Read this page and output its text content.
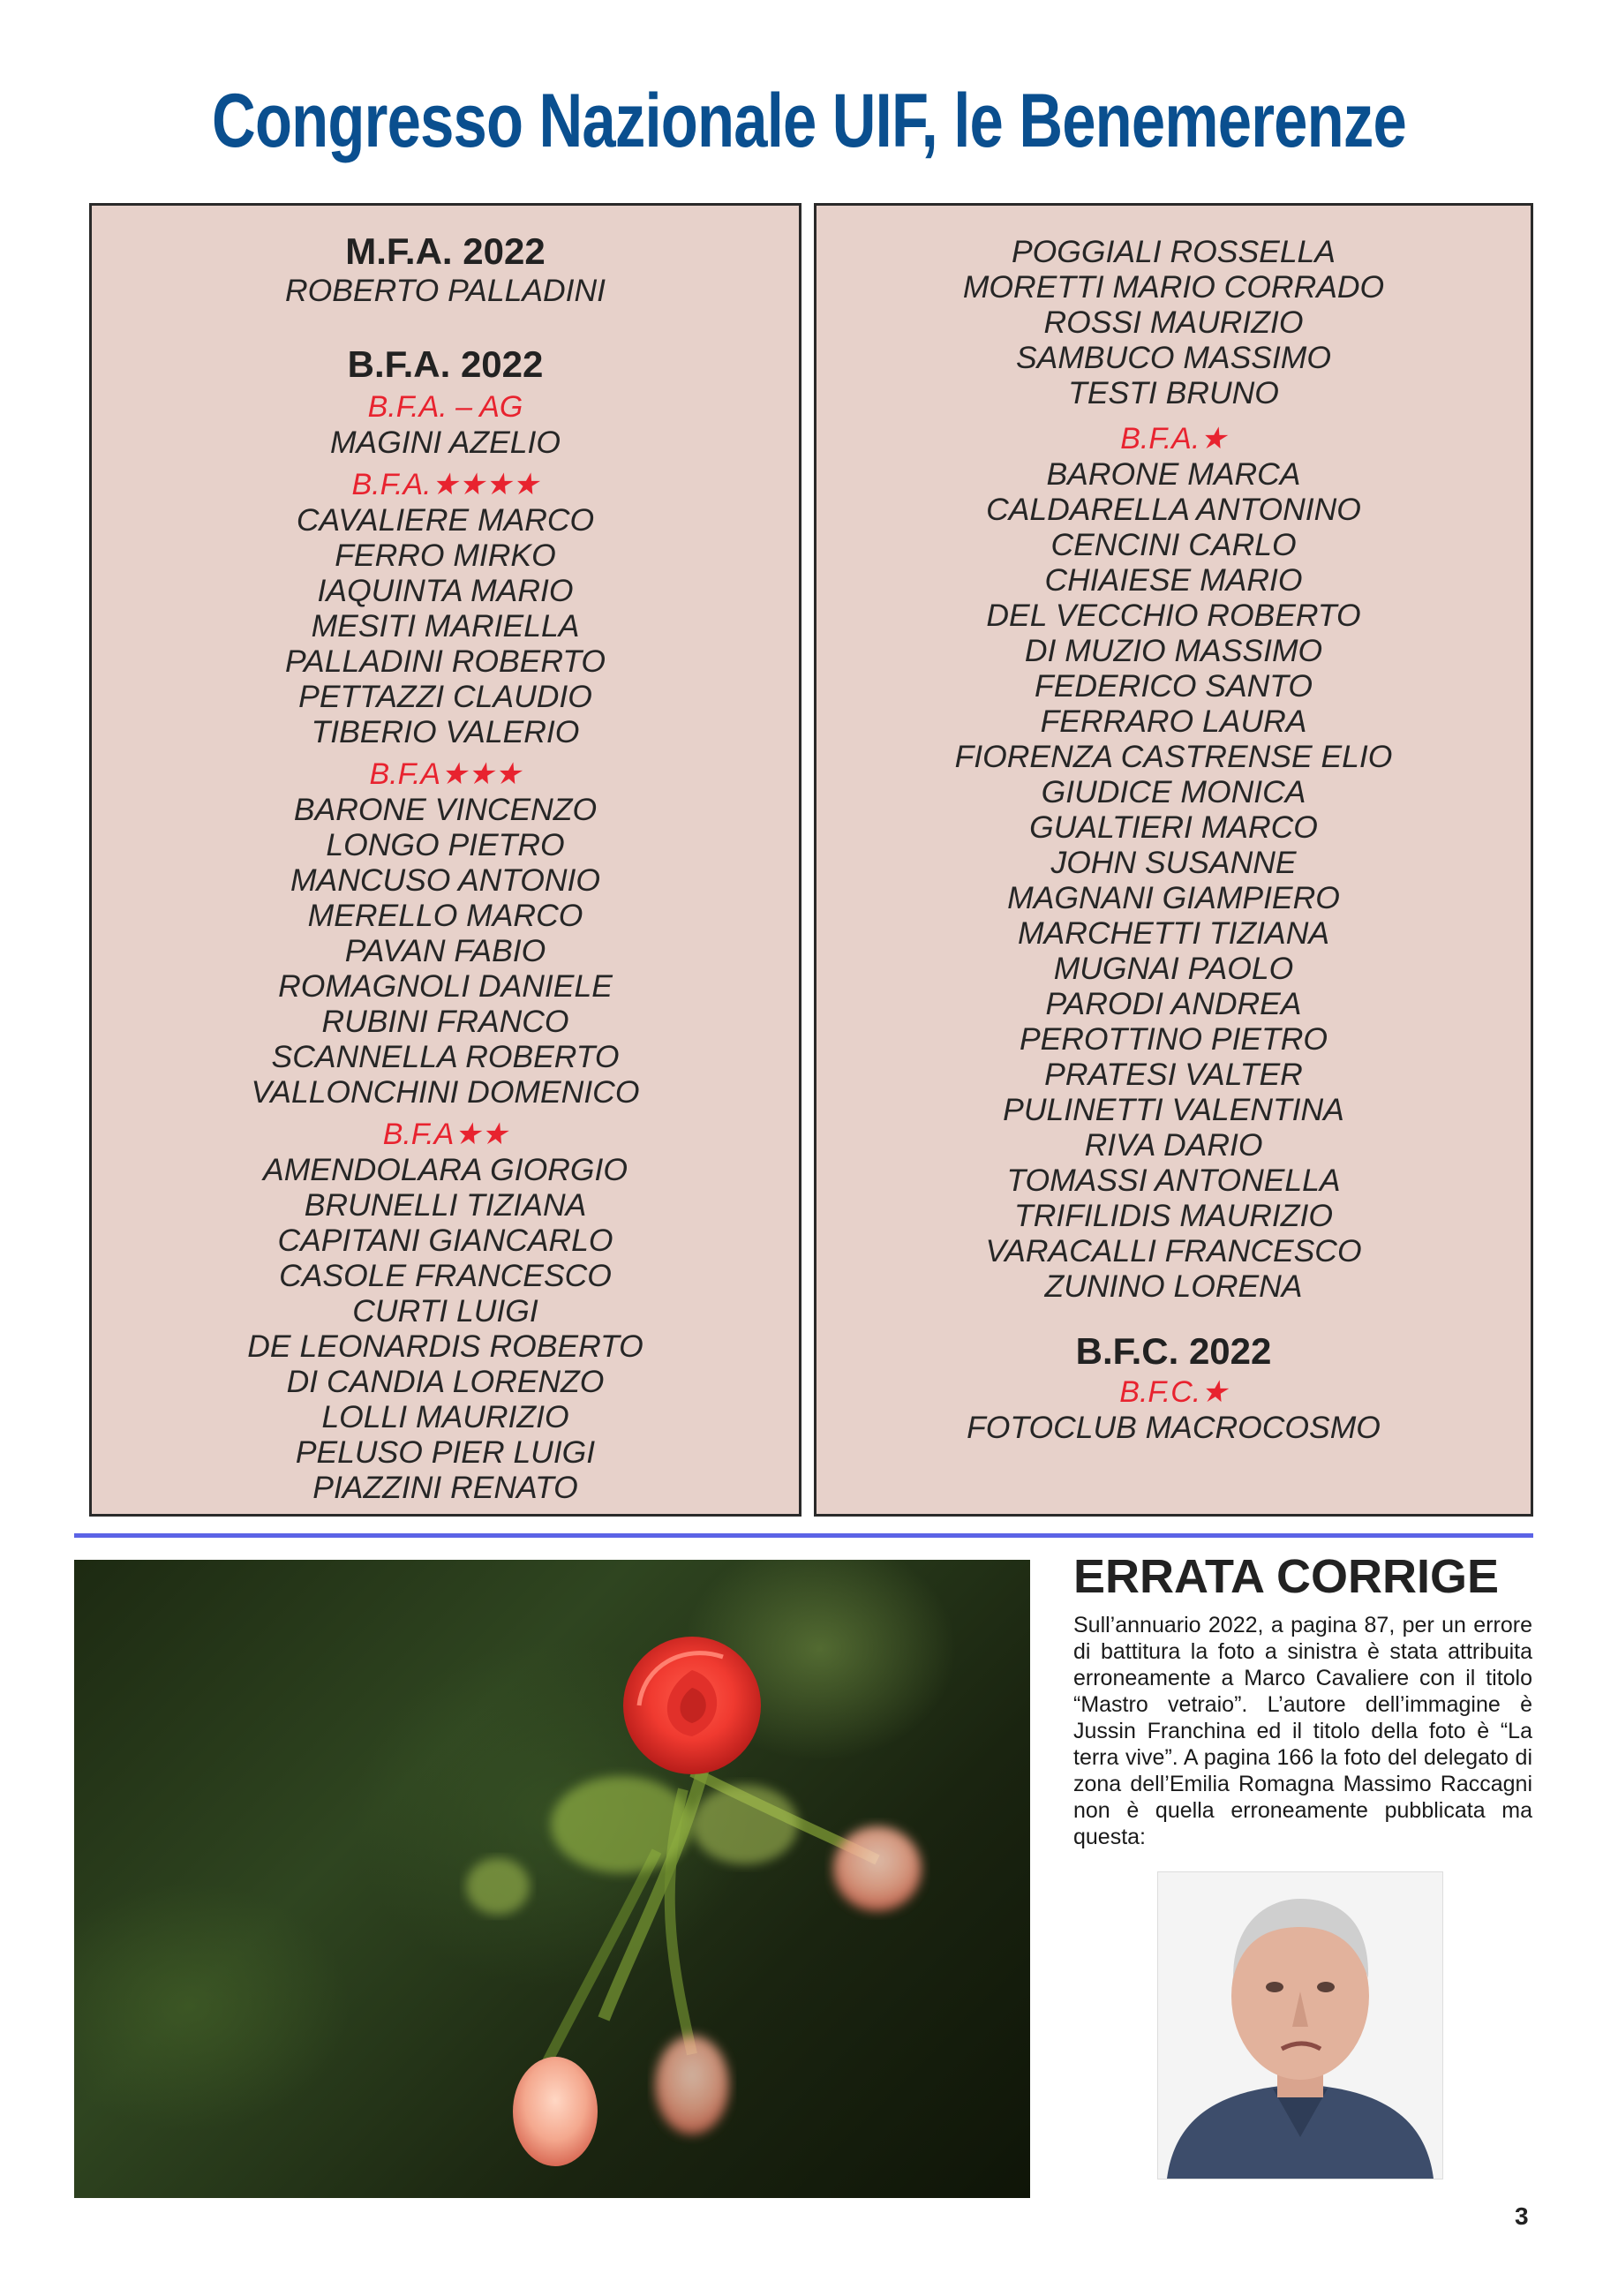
Congresso Nazionale UIF, le Benemerenze
M.F.A. 2022
ROBERTO PALLADINI
B.F.A. 2022
B.F.A. – AG
MAGINI AZELIO
B.F.A.★★★★
CAVALIERE MARCO
FERRO MIRKO
IAQUINTA MARIO
MESITI MARIELLA
PALLADINI ROBERTO
PETTAZZI CLAUDIO
TIBERIO VALERIO
B.F.A★★★
BARONE VINCENZO
LONGO PIETRO
MANCUSO ANTONIO
MERELLO MARCO
PAVAN FABIO
ROMAGNOLI DANIELE
RUBINI FRANCO
SCANNELLA ROBERTO
VALLONCHINI DOMENICO
B.F.A★★
AMENDOLARA GIORGIO
BRUNELLI TIZIANA
CAPITANI GIANCARLO
CASOLE FRANCESCO
CURTI LUIGI
DE LEONARDIS ROBERTO
DI CANDIA LORENZO
LOLLI MAURIZIO
PELUSO PIER LUIGI
PIAZZINI RENATO
POGGIALI ROSSELLA
MORETTI MARIO CORRADO
ROSSI MAURIZIO
SAMBUCO MASSIMO
TESTI BRUNO
B.F.A.★
BARONE MARCA
CALDARELLA ANTONINO
CENCINI CARLO
CHIAIESE MARIO
DEL VECCHIO ROBERTO
DI MUZIO MASSIMO
FEDERICO SANTO
FERRARO LAURA
FIORENZA CASTRENSE ELIO
GIUDICE MONICA
GUALTIERI MARCO
JOHN SUSANNE
MAGNANI GIAMPIERO
MARCHETTI TIZIANA
MUGNAI PAOLO
PARODI ANDREA
PEROTTINO PIETRO
PRATESI VALTER
PULINETTI VALENTINA
RIVA DARIO
TOMASSI ANTONELLA
TRIFILIDIS MAURIZIO
VARACALLI FRANCESCO
ZUNINO LORENA
B.F.C. 2022
B.F.C.★
FOTOCLUB MACROCOSMO
ERRATA CORRIGE
Sull’annuario 2022, a pagina 87, per un errore di battitura la foto a sinistra è stata attribuita erroneamente a Marco Cavaliere con il titolo “Mastro vetraio”. L’autore dell’immagine è Jussin Franchina ed il titolo della foto è “La terra vive”. A pagina 166 la foto del delegato di zona dell’Emilia Romagna Massimo Raccagni non è quella erroneamente pubblicata ma questa:
3
